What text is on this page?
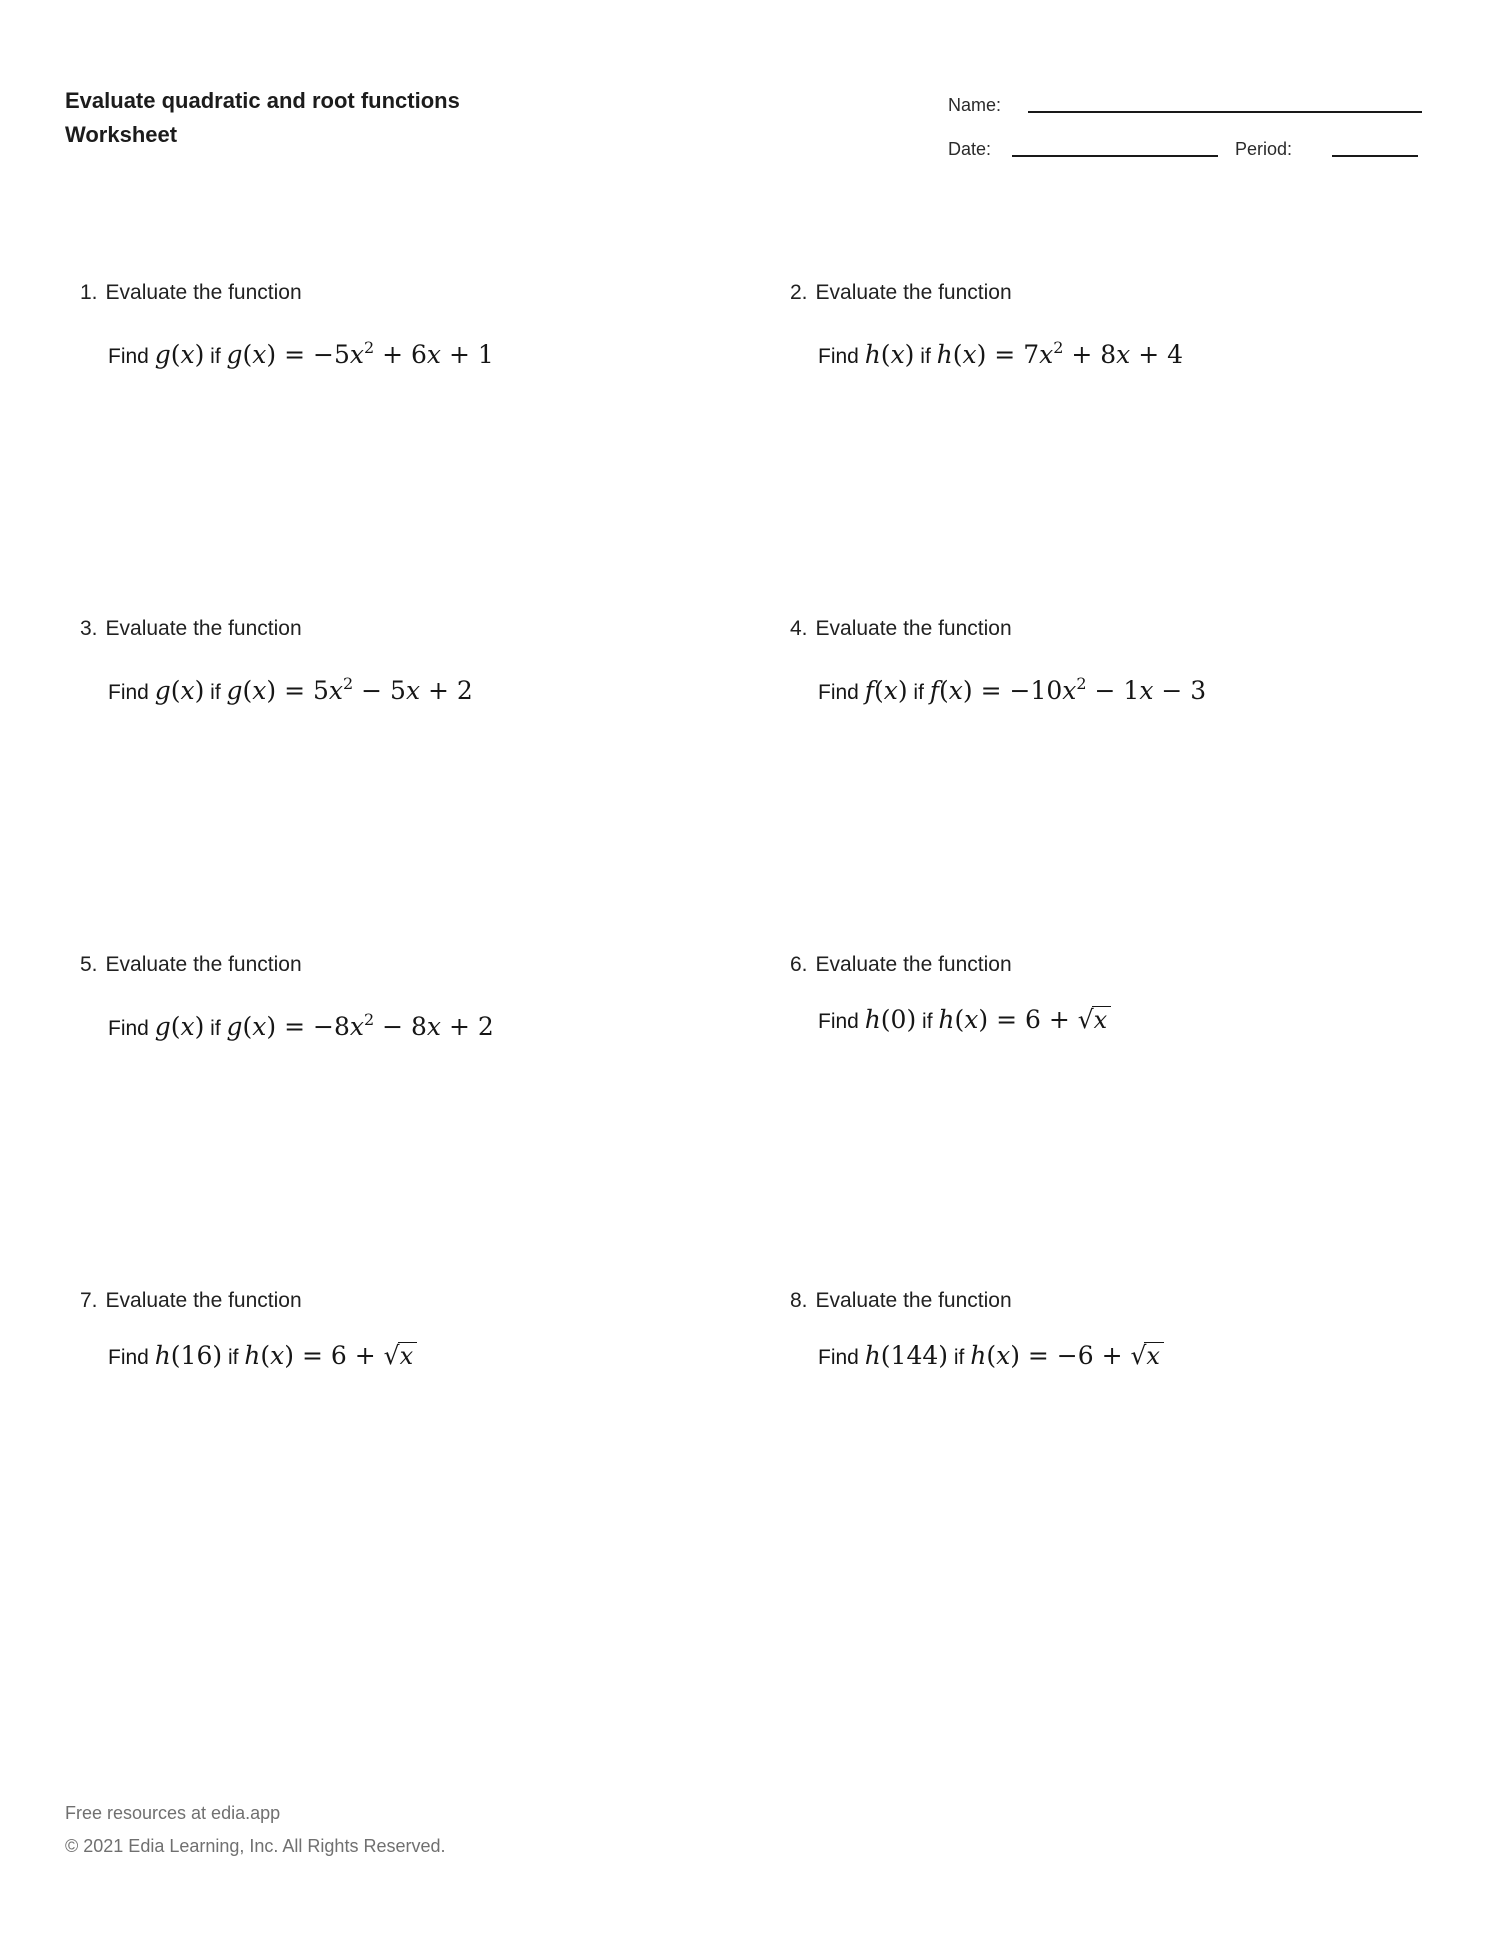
Evaluate quadratic and root functions
Worksheet
Name:
Date:	Period:
1. Evaluate the function
Find g(x) if g(x) = −5x2 + 6x + 1
2. Evaluate the function
Find h(x) if h(x) = 7x2 + 8x + 4
3. Evaluate the function
Find g(x) if g(x) = 5x2 − 5x + 2
4. Evaluate the function
Find f(x) if f(x) = −10x2 − 1x − 3
5. Evaluate the function
Find g(x) if g(x) = −8x2 − 8x + 2
6. Evaluate the function
Find h(0) if h(x) = 6 + √x
7. Evaluate the function
Find h(16) if h(x) = 6 + √x
8. Evaluate the function
Find h(144) if h(x) = −6 + √x
Free resources at edia.app
© 2021 Edia Learning, Inc. All Rights Reserved.
